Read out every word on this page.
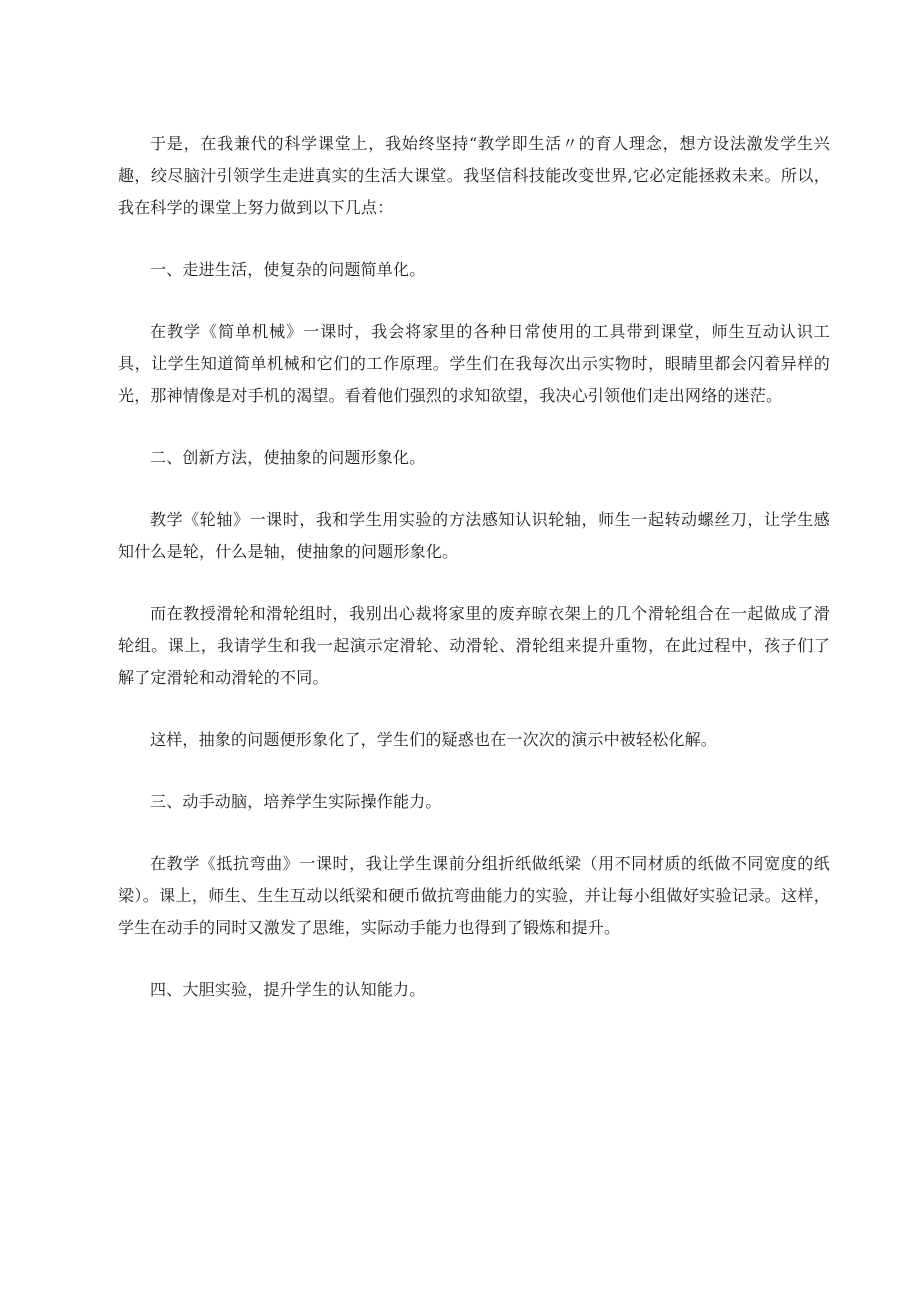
于是，在我兼代的科学课堂上，我始终坚持“教学即生活〃的育人理念，想方设法激发学生兴趣，绞尽脑汁引领学生走进真实的生活大课堂。我坚信科技能改变世界,它必定能拯救未来。所以，我在科学的课堂上努力做到以下几点：

一、走进生活，使复杂的问题简单化。

在教学《简单机械》一课时，我会将家里的各种日常使用的工具带到课堂，师生互动认识工具，让学生知道简单机械和它们的工作原理。学生们在我每次出示实物时，眼睛里都会闪着异样的光，那神情像是对手机的渴望。看着他们强烈的求知欲望，我决心引领他们走出网络的迷茫。

二、创新方法，使抽象的问题形象化。

教学《轮轴》一课时，我和学生用实验的方法感知认识轮轴，师生一起转动螺丝刀，让学生感知什么是轮，什么是轴，使抽象的问题形象化。

而在教授滑轮和滑轮组时，我别出心裁将家里的废弃晾衣架上的几个滑轮组合在一起做成了滑轮组。课上，我请学生和我一起演示定滑轮、动滑轮、滑轮组来提升重物，在此过程中，孩子们了解了定滑轮和动滑轮的不同。

这样，抽象的问题便形象化了，学生们的疑惑也在一次次的演示中被轻松化解。

三、动手动脑，培养学生实际操作能力。

在教学《抵抗弯曲》一课时，我让学生课前分组折纸做纸梁（用不同材质的纸做不同宽度的纸梁）。课上，师生、生生互动以纸梁和硬币做抗弯曲能力的实验，并让每小组做好实验记录。这样，学生在动手的同时又激发了思维，实际动手能力也得到了锻炼和提升。

四、大胆实验，提升学生的认知能力。
